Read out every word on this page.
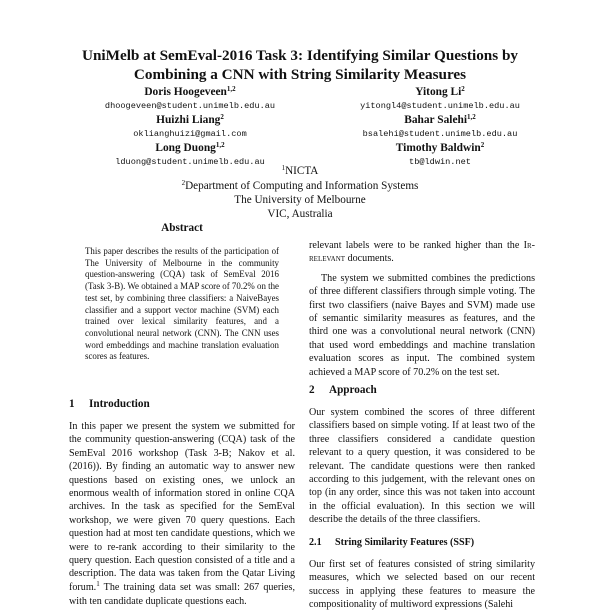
UniMelb at SemEval-2016 Task 3: Identifying Similar Questions by
Combining a CNN with String Similarity Measures
Doris Hoogeveen$^{1,2}$
dhoogeveen@student.unimelb.edu.au
Yitong Li$^2$
yitongl4@student.unimelb.edu.au
Huizhi Liang$^2$
oklianghuizi@gmail.com
Bahar Salehi$^{1,2}$
bsalehi@student.unimelb.edu.au
Long Duong$^{1,2}$
lduong@student.unimelb.edu.au
Timothy Baldwin$^2$
tb@ldwin.net
$^1$NICTA
$^2$Department of Computing and Information Systems
The University of Melbourne
VIC, Australia
Abstract
This paper describes the results of the participation of The University of Melbourne in the community question-answering (CQA) task of SemEval 2016 (Task 3-B). We obtained a MAP score of 70.2% on the test set, by combining three classifiers: a NaiveBayes classifier and a support vector machine (SVM) each trained over lexical similarity features, and a convolutional neural network (CNN). The CNN uses word embeddings and machine translation evaluation scores as features.
1 Introduction

In this paper we present the system we submitted for the community question-answering (CQA) task of the SemEval 2016 workshop (Task 3-B; Nakov et al. (2016)). By finding an automatic way to answer new questions based on existing ones, we unlock an enormous wealth of information stored in online CQA archives. In the task as specified for the SemEval workshop, we were given 70 query questions. Each question had at most ten candidate questions, which we were to re-rank according to their similarity to the query question. Each question consisted of a title and a description. The data was taken from the Qatar Living forum.$^1$ The training data set was small: 267 queries, with ten candidate duplicate questions each.

relevant labels were to be ranked higher than the Ir-relevant documents.

The system we submitted combines the predictions of three different classifiers through simple voting. The first two classifiers (naive Bayes and SVM) made use of semantic similarity measures as features, and the third one was a convolutional neural network (CNN) that used word embeddings and machine translation evaluation scores as input. The combined system achieved a MAP score of 70.2% on the test set.

2 Approach
Our system combined the scores of three different classifiers based on simple voting. If at least two of the three classifiers considered a candidate question relevant to a query question, it was considered to be relevant. The candidate questions were then ranked according to this judgement, with the relevant ones on top (in any order, since this was not taken into account in the official evaluation). In this section we will describe the details of the three classifiers.
2.1 String Similarity Features (SSF)
Our first set of features consisted of string similarity measures, which we selected based on our recent success in applying these features to measure the compositionality of multiword expressions (Salehi
